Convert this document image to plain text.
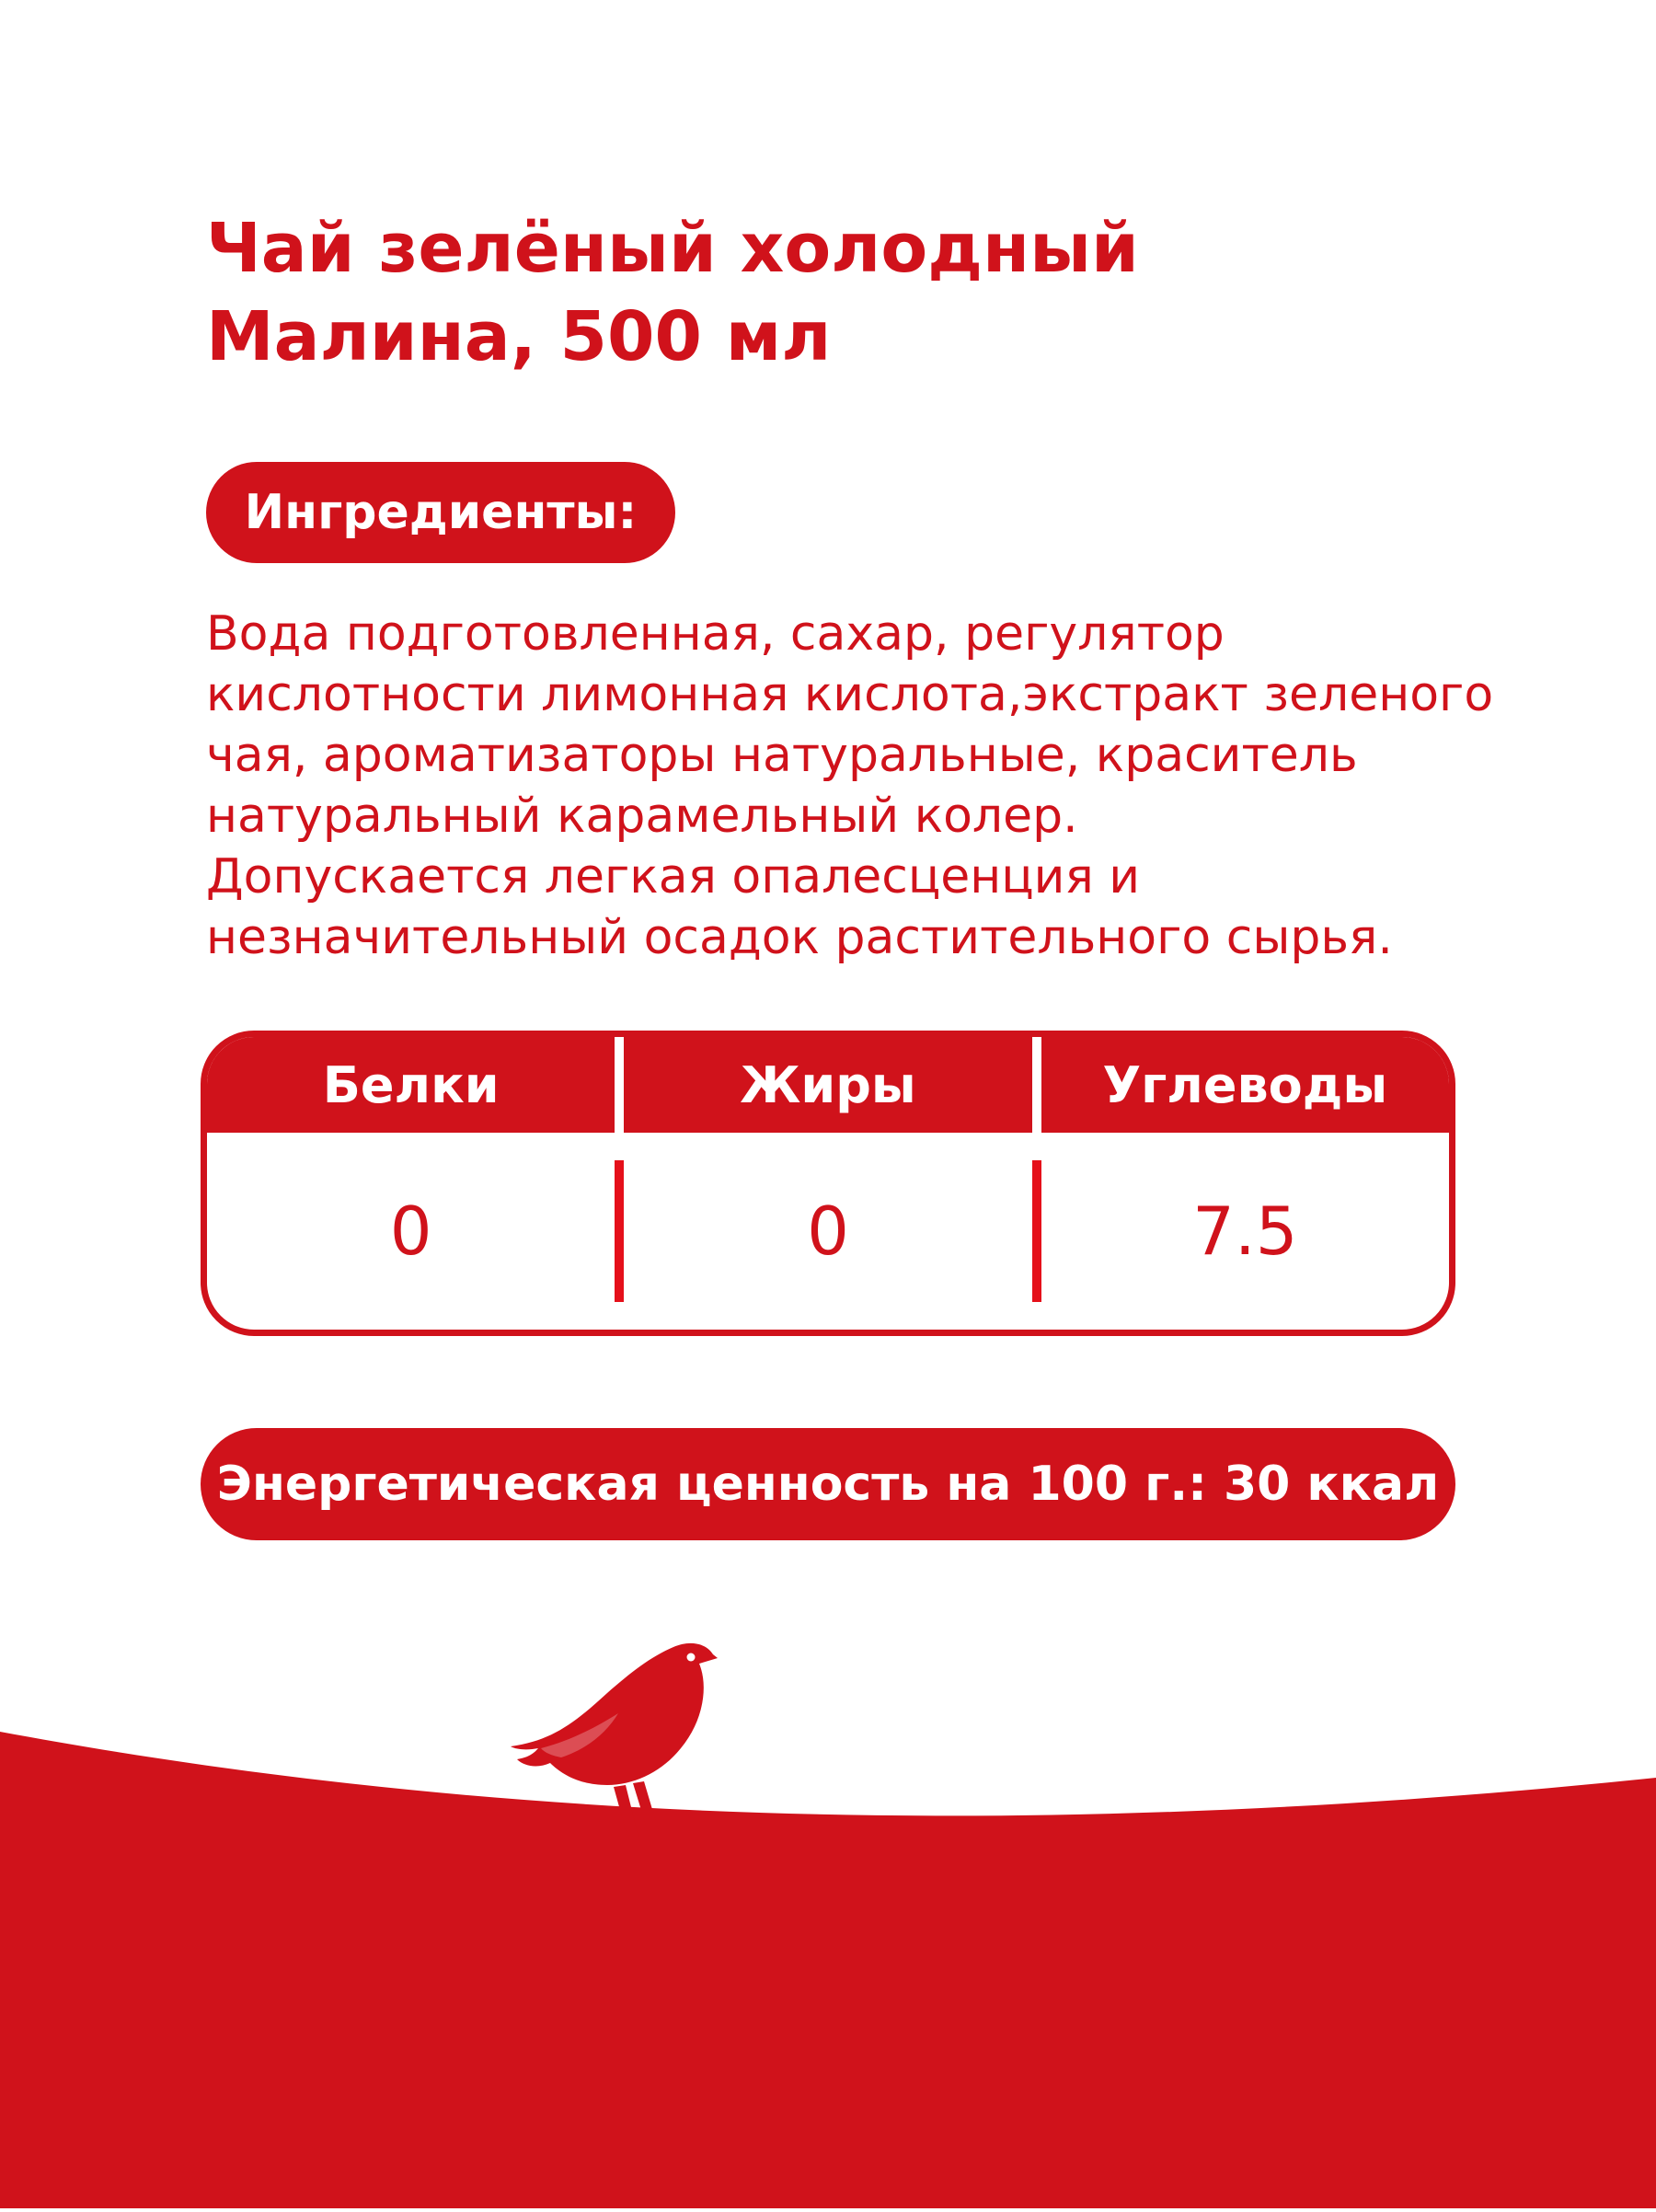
Чай зелёный холодный
Малина, 500 мл
Ингредиенты:

Вода подготовленная, сахар, регулятор
кислотности лимонная кислота,экстракт зеленого
чая, ароматизаторы натуральные, краситель
натуральный карамельный колер.
Допускается легкая опалесценция и
незначительный осадок растительного сырья.

Белки	Жиры	Углеводы
0	0	7.5
Энергетическая ценность на 100 г.: 30 ккал
